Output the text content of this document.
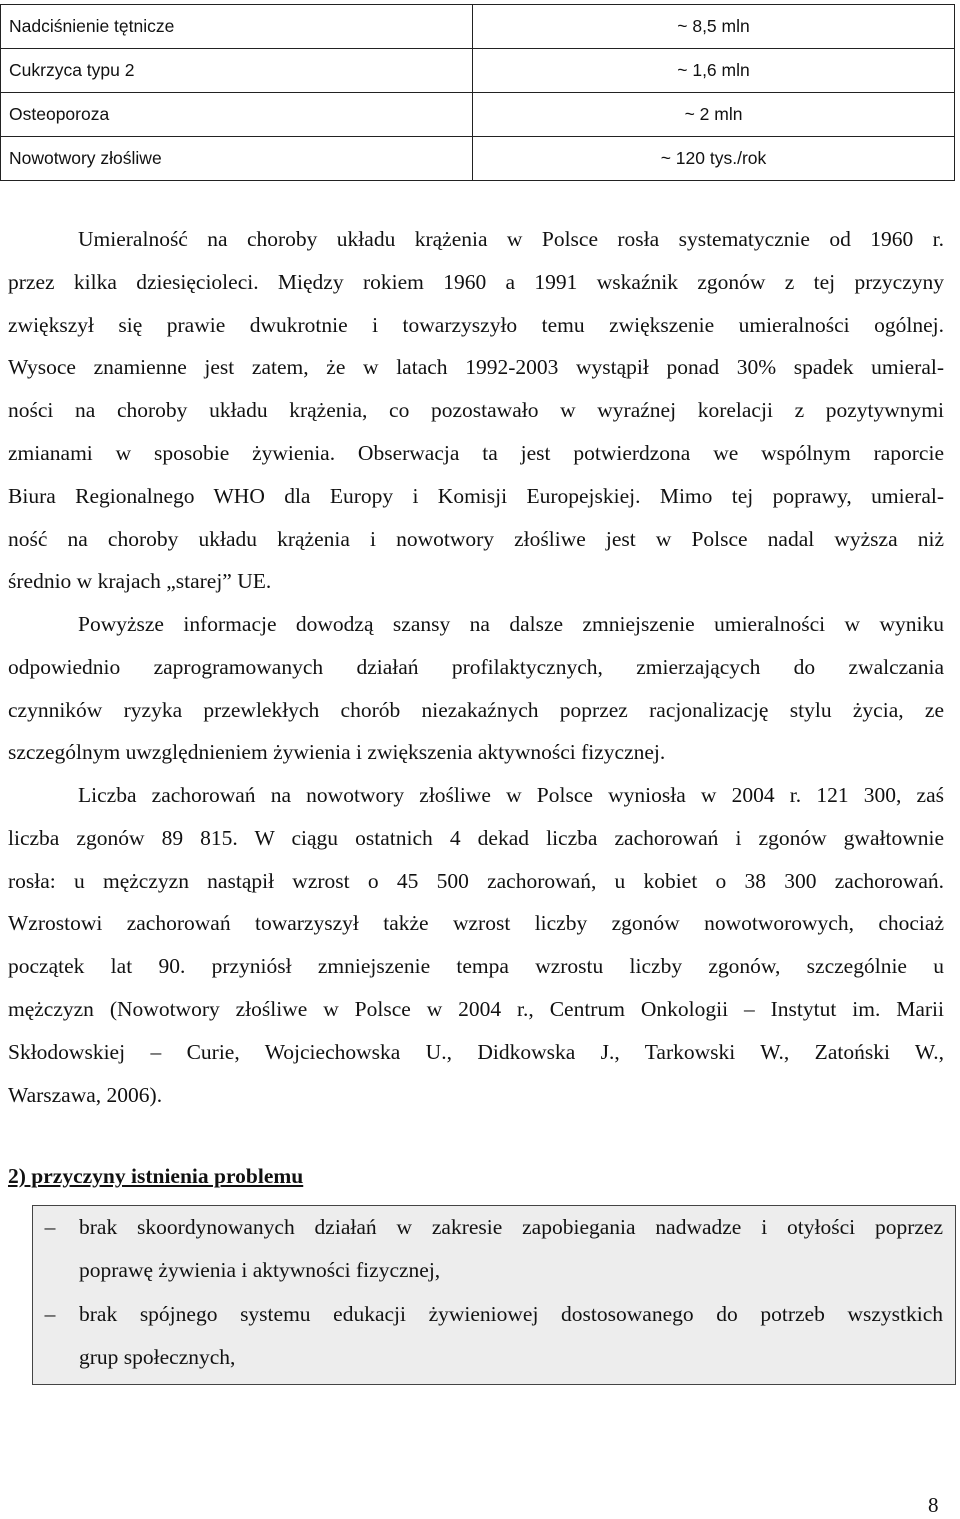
Nadciśnienie tętnicze	~ 8,5 mln
Cukrzyca typu 2	~ 1,6 mln
Osteoporoza	~ 2 mln
Nowotwory złośliwe	~ 120 tys./rok
Umieralność na choroby układu krążenia w Polsce rosła systematycznie od 1960 r.
przez kilka dziesięcioleci. Między rokiem 1960 a 1991 wskaźnik zgonów z tej przyczyny
zwiększył się prawie dwukrotnie i towarzyszyło temu zwiększenie umieralności ogólnej.
Wysoce znamienne jest zatem, że w latach 1992-2003 wystąpił ponad 30% spadek umieral-
ności na choroby układu krążenia, co pozostawało w wyraźnej korelacji z pozytywnymi
zmianami w sposobie żywienia. Obserwacja ta jest potwierdzona we wspólnym raporcie
Biura Regionalnego WHO dla Europy i Komisji Europejskiej. Mimo tej poprawy, umieral-
ność na choroby układu krążenia i nowotwory złośliwe jest w Polsce nadal wyższa niż
średnio w krajach „starej” UE.
Powyższe informacje dowodzą szansy na dalsze zmniejszenie umieralności w wyniku
odpowiednio zaprogramowanych działań profilaktycznych, zmierzających do zwalczania
czynników ryzyka przewlekłych chorób niezakaźnych poprzez racjonalizację stylu życia, ze
szczególnym uwzględnieniem żywienia i zwiększenia aktywności fizycznej.
Liczba zachorowań na nowotwory złośliwe w Polsce wyniosła w 2004 r. 121 300, zaś
liczba zgonów 89 815. W ciągu ostatnich 4 dekad liczba zachorowań i zgonów gwałtownie
rosła: u mężczyzn nastąpił wzrost o 45 500 zachorowań, u kobiet o 38 300 zachorowań.
Wzrostowi zachorowań towarzyszył także wzrost liczby zgonów nowotworowych, chociaż
początek lat 90. przyniósł zmniejszenie tempa wzrostu liczby zgonów, szczególnie u
mężczyzn (Nowotwory złośliwe w Polsce w 2004 r., Centrum Onkologii – Instytut im. Marii
Skłodowskiej – Curie, Wojciechowska U., Didkowska J., Tarkowski W., Zatoński W.,
Warszawa, 2006).
2) przyczyny istnienia problemu
– brak skoordynowanych działań w zakresie zapobiegania nadwadze i otyłości poprzez
poprawę żywienia i aktywności fizycznej,
– brak spójnego systemu edukacji żywieniowej dostosowanego do potrzeb wszystkich
grup społecznych,
8
